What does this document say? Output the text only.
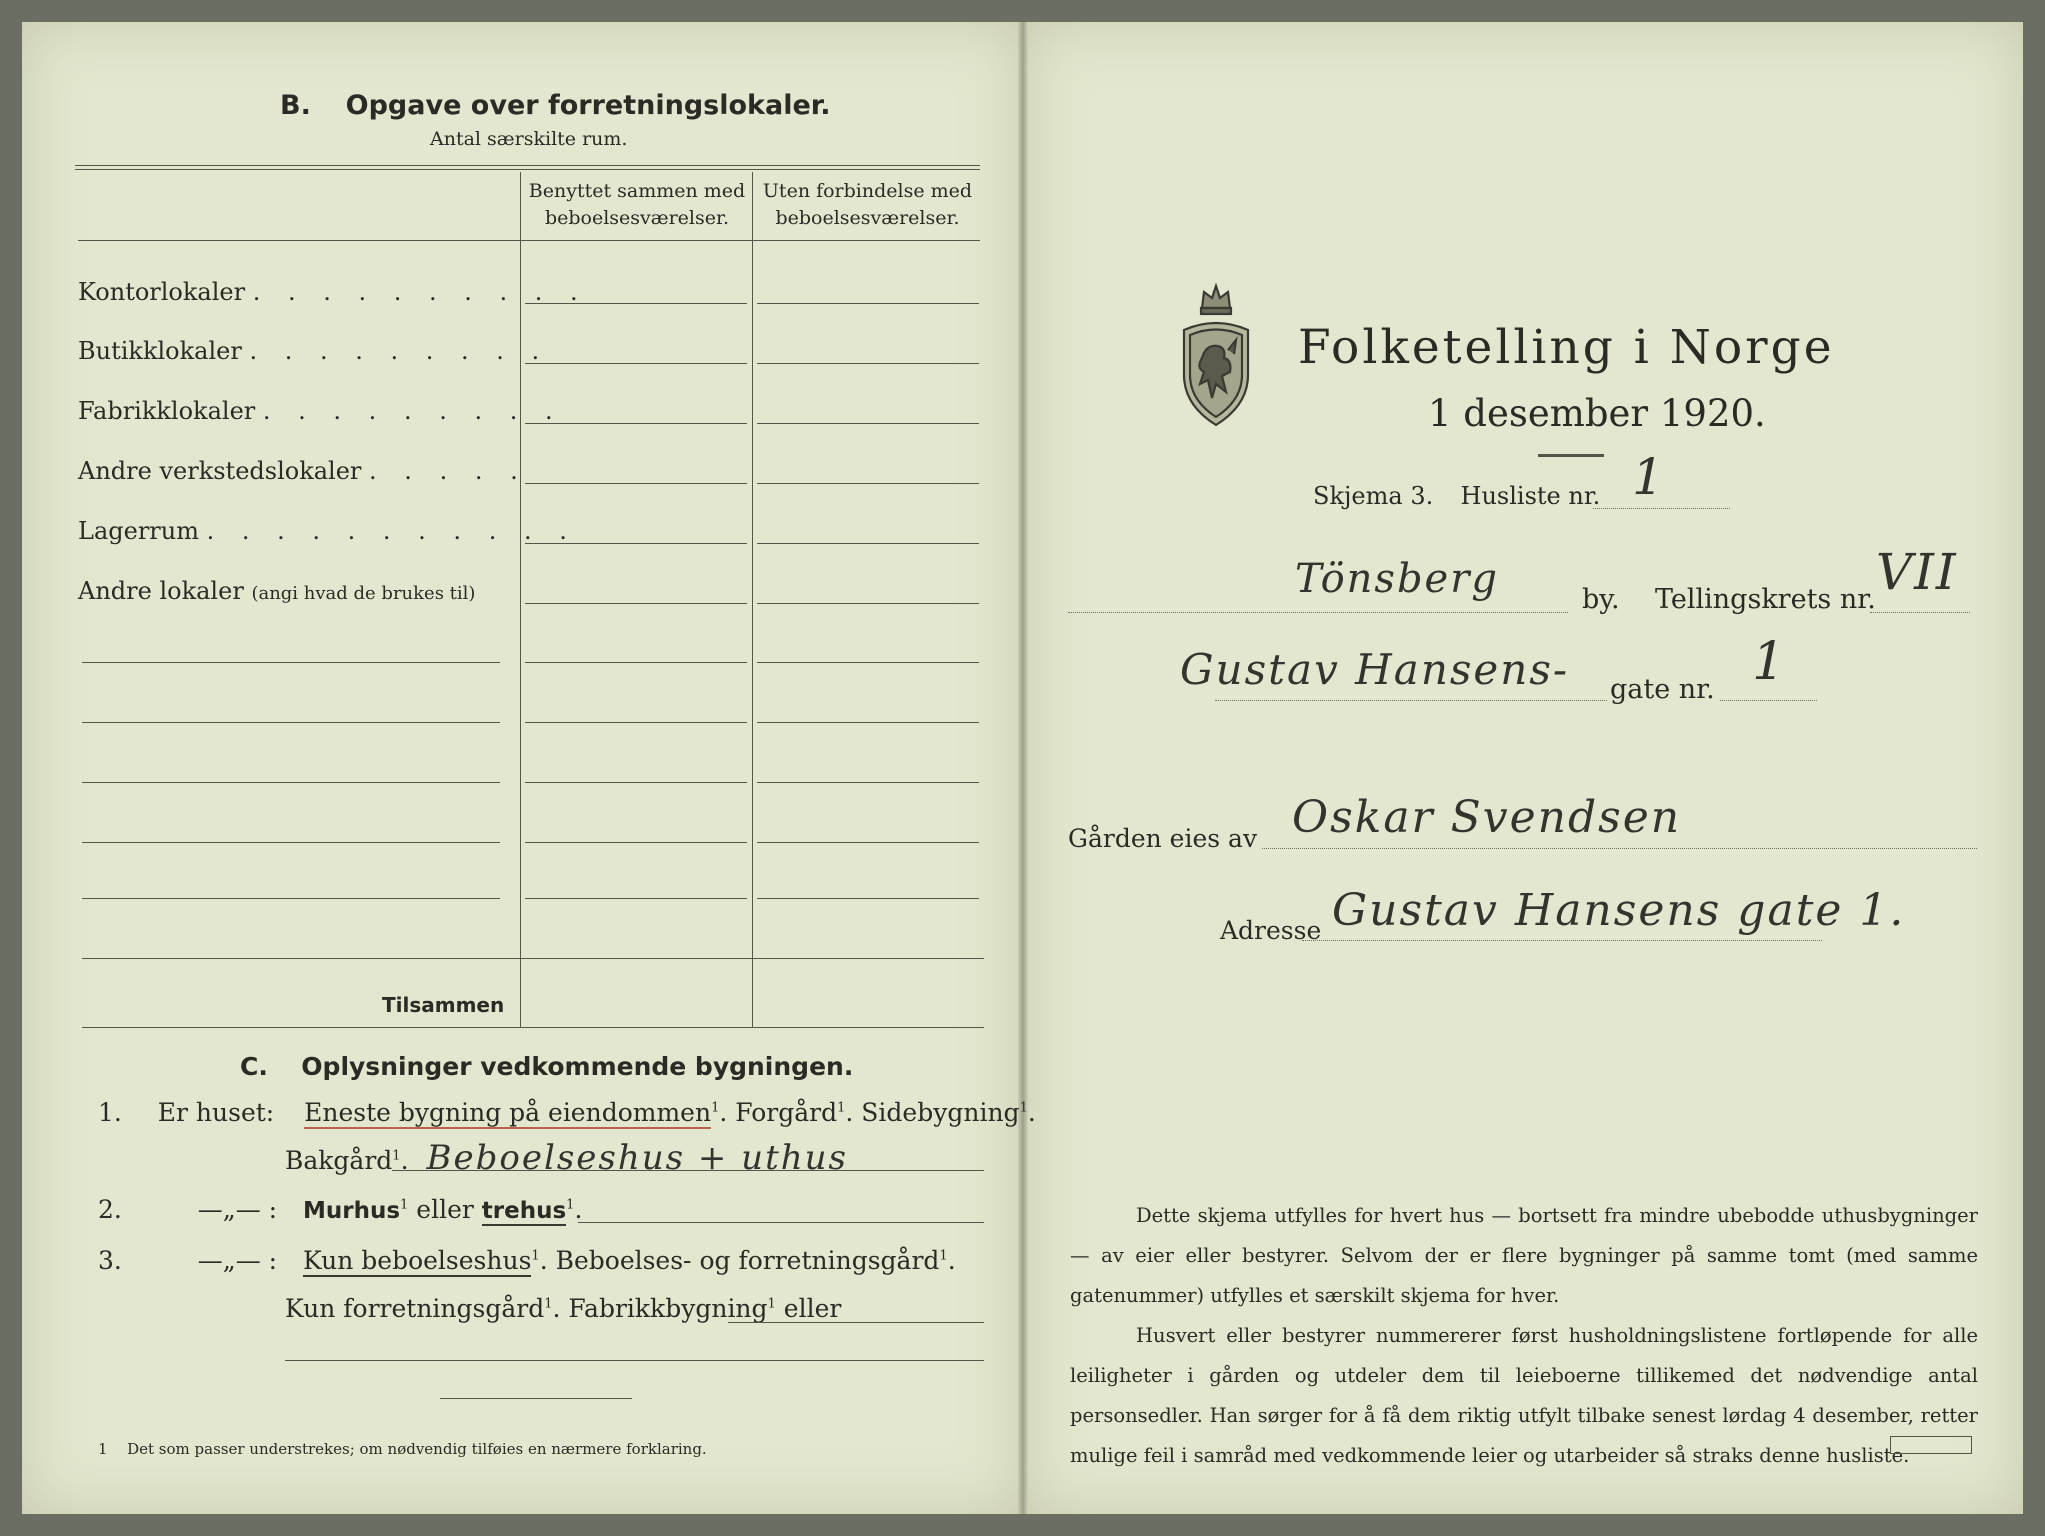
B. Opgave over forretningslokaler.
Antal særskilte rum.
Benyttet sammen med beboelsesværelser.
Uten forbindelse med beboelsesværelser.
Kontorlokaler . . . . . . . . . .
Butikklokaler . . . . . . . . .
Fabrikklokaler . . . . . . . . .
Andre verkstedslokaler . . . . .
Lagerrum . . . . . . . . . . .
Andre lokaler (angi hvad de brukes til)
Tilsammen
C. Oplysninger vedkommende bygningen.
1. Er huset: Eneste bygning på eiendommen$^1$. Forgård$^1$. Sidebygning$^1$.
Bakgård$^1$. Beboelseshus + uthus
2.	—„— : Murhus$^1$ eller trehus$^1$.
3.	—„— : Kun beboelseshus$^1$. Beboelses- og forretningsgård$^1$.
Kun forretningsgård$^1$. Fabrikkbygning$^1$ eller
1 Det som passer understrekes; om nødvendig tilføies en nærmere forklaring.
Folketelling i Norge
1 desember 1920.
Skjema 3. Husliste nr. 1
Tönsberg	by. Tellingskrets nr. VII
Gustav Hansens- gate nr. 1
Gården eies av Oskar Svendsen
Adresse Gustav Hansens gate 1.
Dette skjema utfylles for hvert hus — bortsett fra mindre ubebodde uthusbygninger — av eier eller bestyrer. Selvom der er flere bygninger på samme tomt (med samme gatenummer) utfylles et særskilt skjema for hver.
Husvert eller bestyrer nummererer først husholdningslistene fortløpende for alle leiligheter i gården og utdeler dem til leieboerne tillikemed det nødvendige antal personsedler. Han sørger for å få dem riktig utfylt tilbake senest lørdag 4 desember, retter mulige feil i samråd med vedkommende leier og utarbeider så straks denne husliste.
